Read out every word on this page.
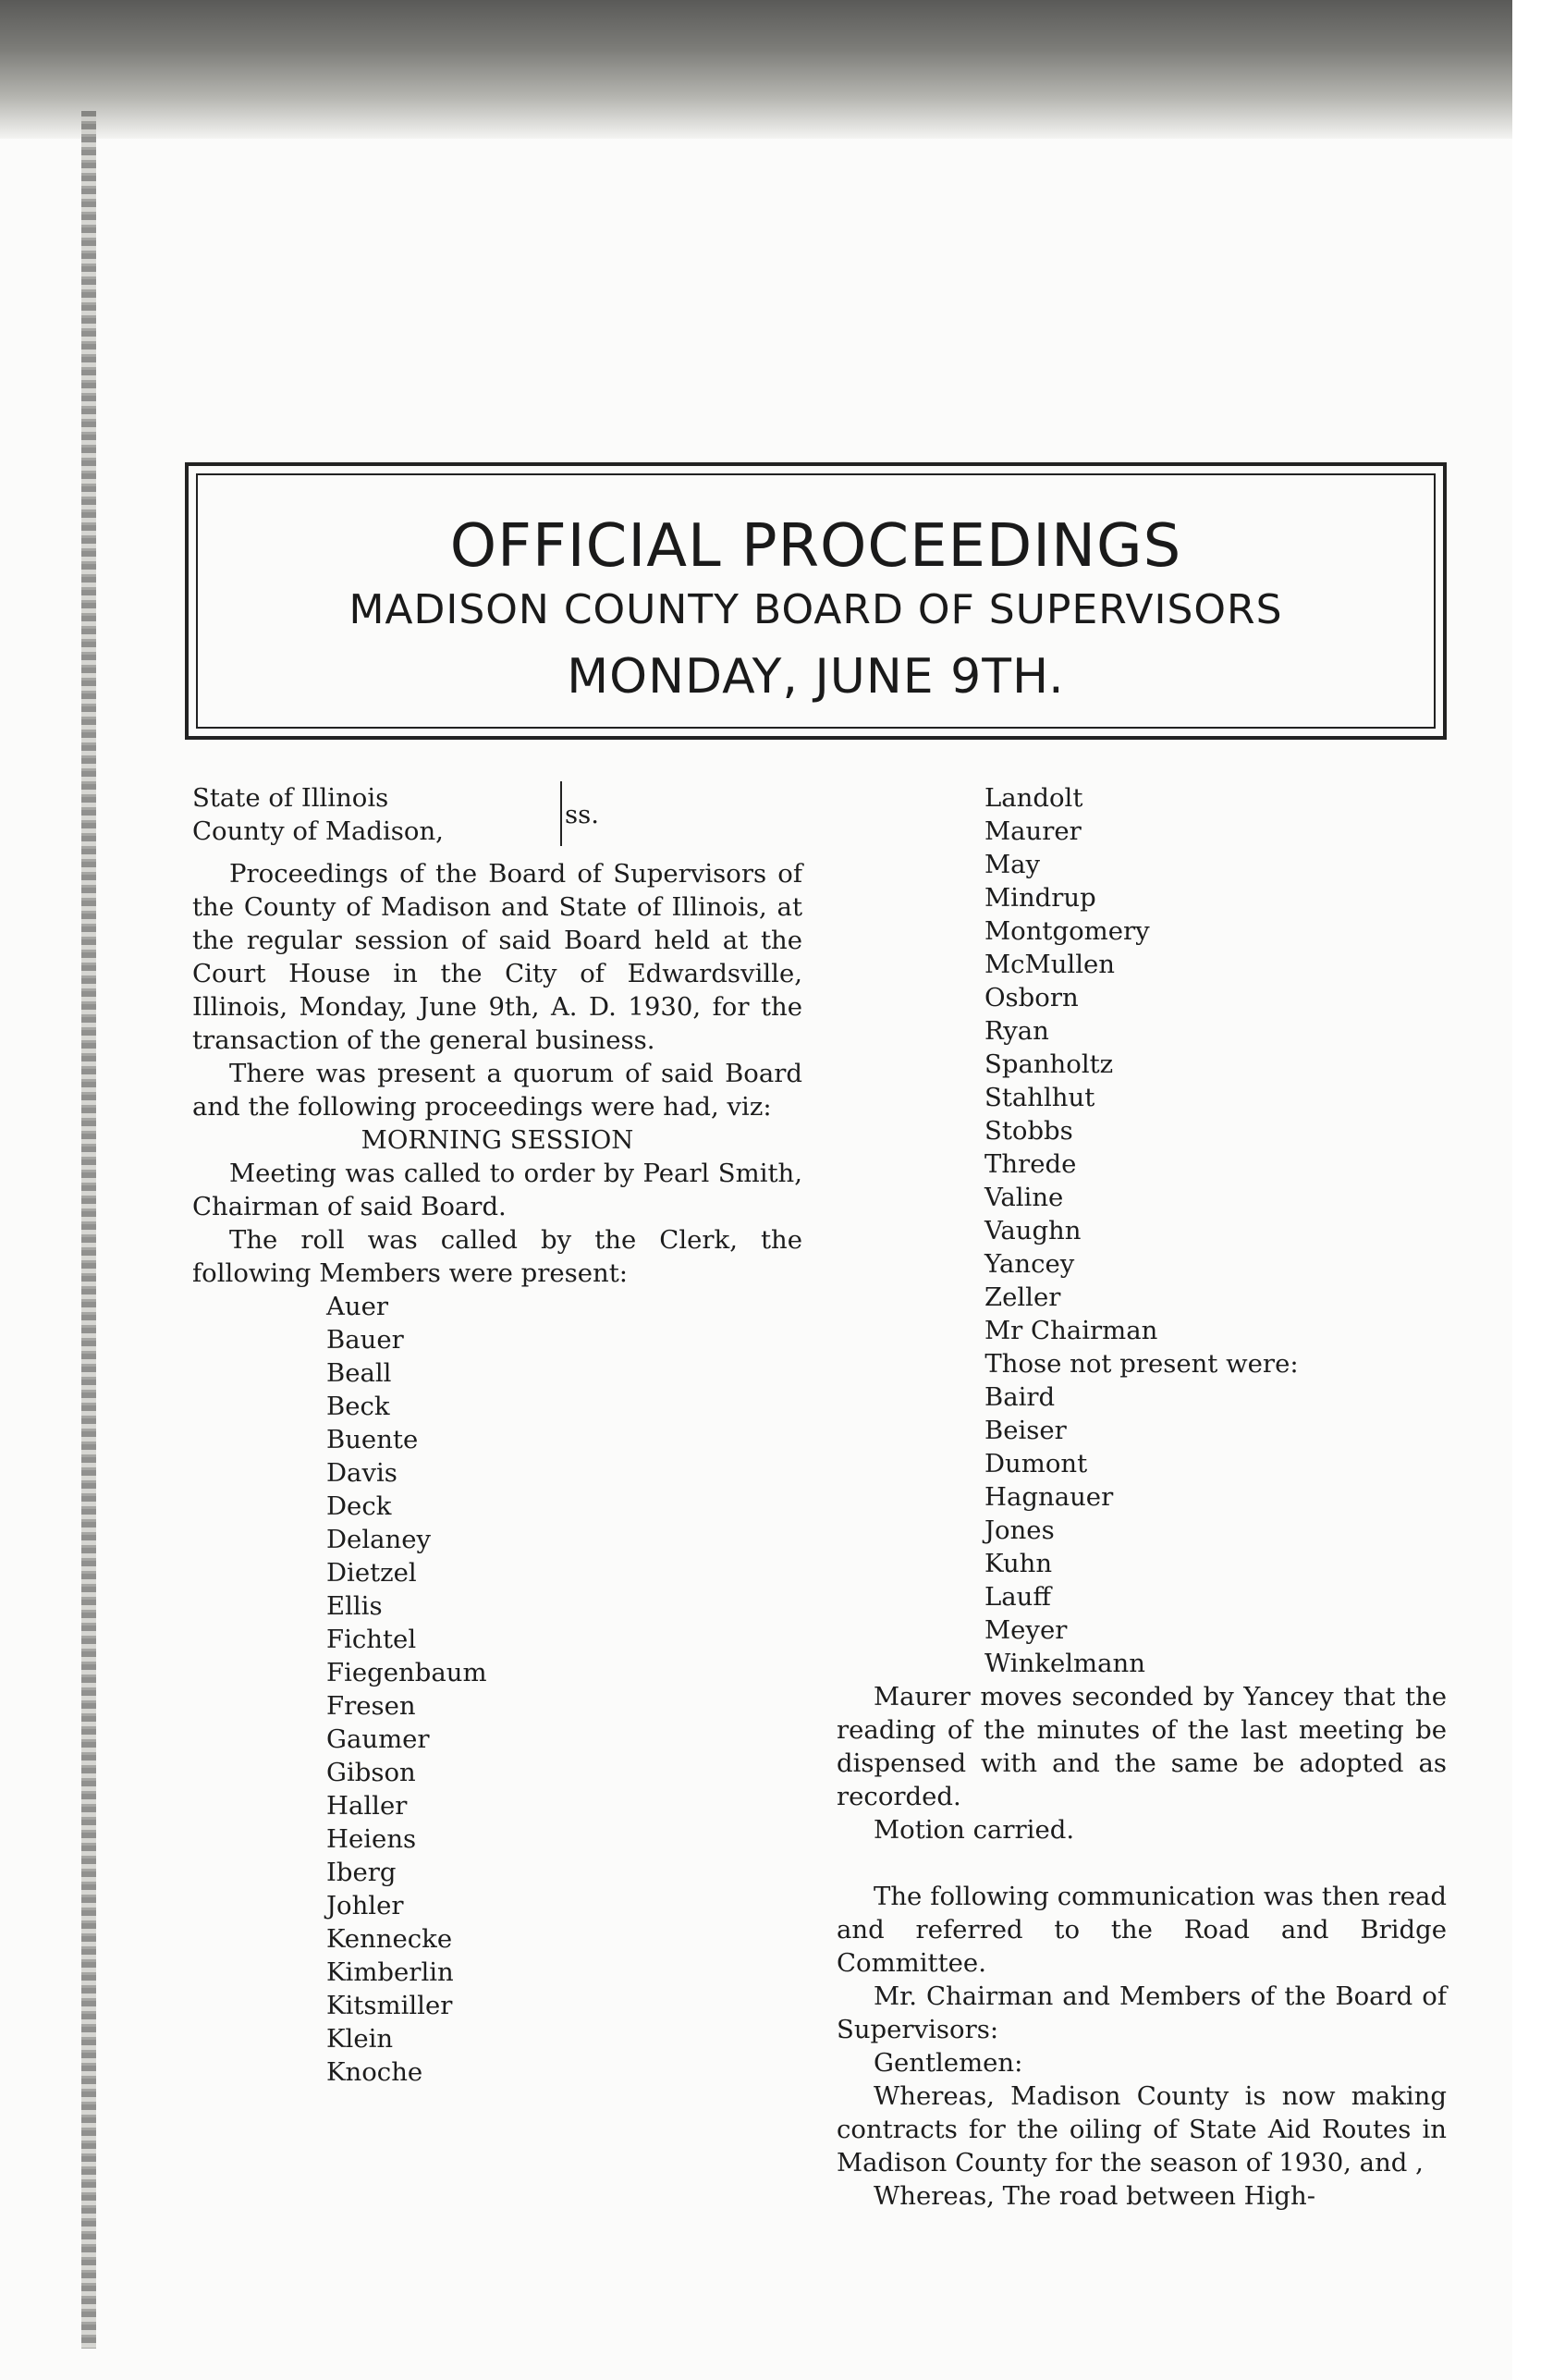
OFFICIAL PROCEEDINGS
MADISON COUNTY BOARD OF SUPERVISORS
MONDAY, JUNE 9TH.
State of Illinois
County of Madison,
ss.
Proceedings of the Board of Supervisors of the County of Madison and State of Illinois, at the regular session of said Board held at the Court House in the City of Edwardsville, Illinois, Monday, June 9th, A. D. 1930, for the transaction of the general business.
There was present a quorum of said Board and the following proceedings were had, viz:
MORNING SESSION
Meeting was called to order by Pearl Smith, Chairman of said Board.
The roll was called by the Clerk, the following Members were present:
Auer
Bauer
Beall
Beck
Buente
Davis
Deck
Delaney
Dietzel
Ellis
Fichtel
Fiegenbaum
Fresen
Gaumer
Gibson
Haller
Heiens
Iberg
Johler
Kennecke
Kimberlin
Kitsmiller
Klein
Knoche
Landolt
Maurer
May
Mindrup
Montgomery
McMullen
Osborn
Ryan
Spanholtz
Stahlhut
Stobbs
Threde
Valine
Vaughn
Yancey
Zeller
Mr Chairman
Those not present were:
Baird
Beiser
Dumont
Hagnauer
Jones
Kuhn
Lauff
Meyer
Winkelmann
Maurer moves seconded by Yancey that the reading of the minutes of the last meeting be dispensed with and the same be adopted as recorded.
Motion carried.
The following communication was then read and referred to the Road and Bridge Committee.
Mr. Chairman and Members of the Board of Supervisors:
Gentlemen:
Whereas, Madison County is now making contracts for the oiling of State Aid Routes in Madison County for the season of 1930, and ,
Whereas, The road between High-
